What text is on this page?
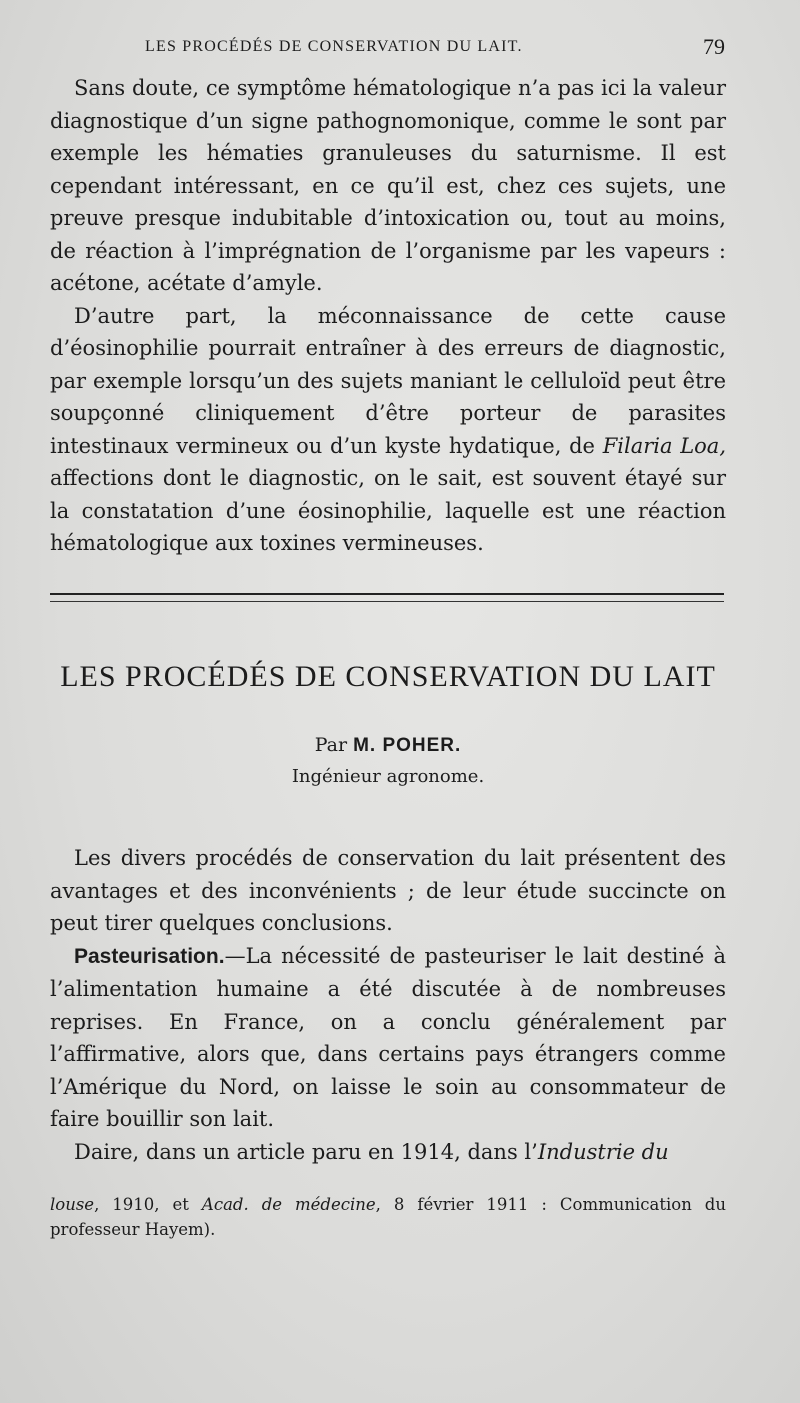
LES PROCÉDÉS DE CONSERVATION DU LAIT.	79

Sans doute, ce symptôme hématologique n’a pas ici la valeur diagnostique d’un signe pathognomonique, comme le sont par exemple les hématies granuleuses du saturnisme. Il est cependant intéressant, en ce qu’il est, chez ces sujets, une preuve presque indubitable d’intoxication ou, tout au moins, de réaction à l’imprégnation de l’organisme par les vapeurs : acétone, acétate d’amyle.

D’autre part, la méconnaissance de cette cause d’éosinophilie pourrait entraîner à des erreurs de diagnostic, par exemple lorsqu’un des sujets maniant le celluloïd peut être soupçonné cliniquement d’être porteur de parasites intestinaux vermineux ou d’un kyste hydatique, de Filaria Loa, affections dont le diagnostic, on le sait, est souvent étayé sur la constatation d’une éosinophilie, laquelle est une réaction hématologique aux toxines vermineuses.

LES PROCÉDÉS DE CONSERVATION DU LAIT
Par M. POHER.
Ingénieur agronome.

Les divers procédés de conservation du lait présentent des avantages et des inconvénients ; de leur étude succincte on peut tirer quelques conclusions.

Pasteurisation.—La nécessité de pasteuriser le lait destiné à l’alimentation humaine a été discutée à de nombreuses reprises. En France, on a conclu généralement par l’affirmative, alors que, dans certains pays étrangers comme l’Amérique du Nord, on laisse le soin au consommateur de faire bouillir son lait.

Daire, dans un article paru en 1914, dans l’Industrie du

louse, 1910, et Acad. de médecine, 8 février 1911 : Communication du professeur Hayem).
